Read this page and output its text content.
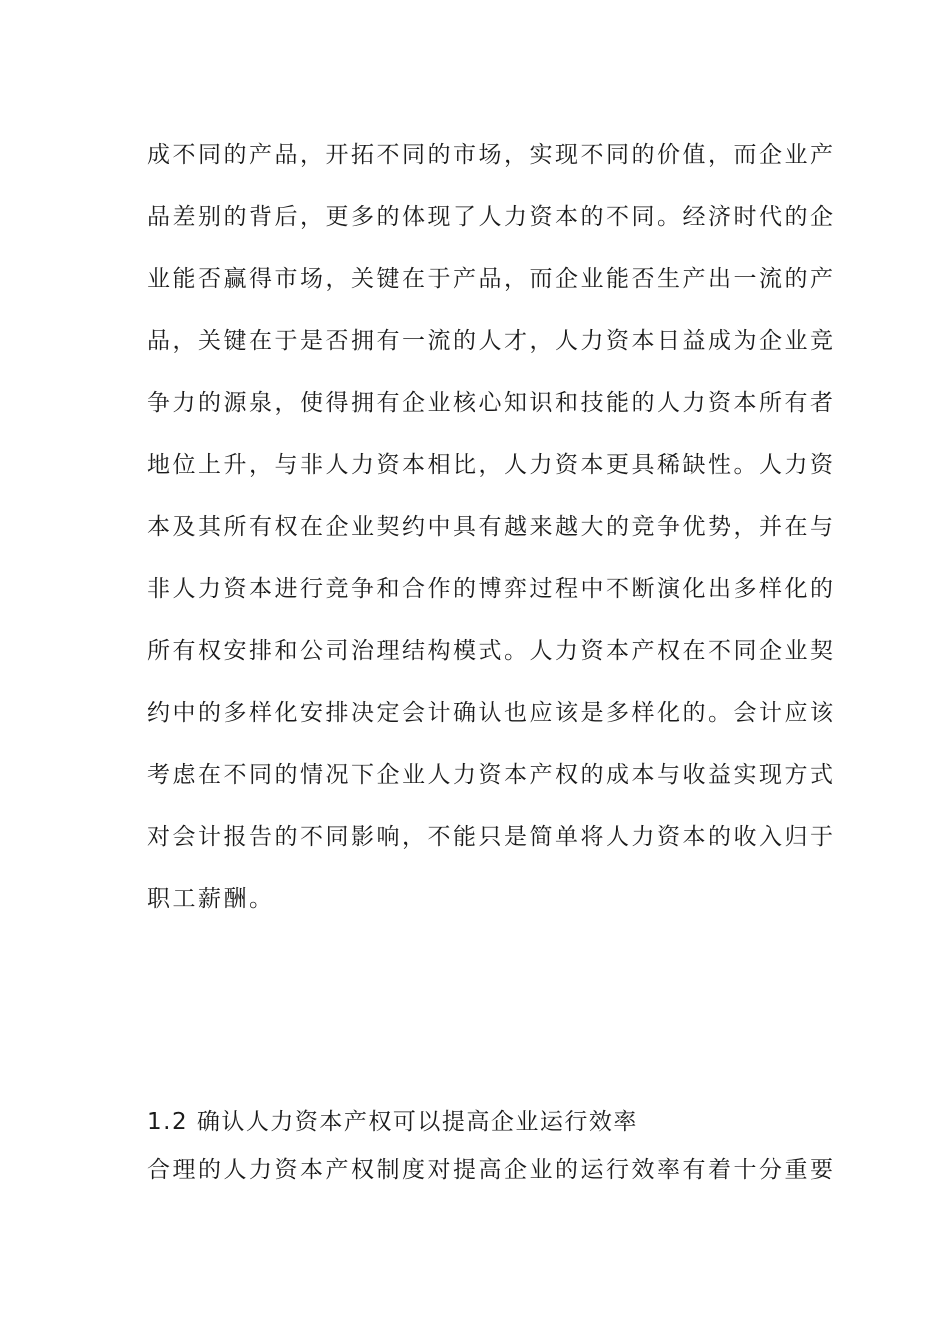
成不同的产品，开拓不同的市场，实现不同的价值，而企业产
品差别的背后，更多的体现了人力资本的不同。经济时代的企
业能否赢得市场，关键在于产品，而企业能否生产出一流的产
品，关键在于是否拥有一流的人才，人力资本日益成为企业竞
争力的源泉，使得拥有企业核心知识和技能的人力资本所有者
地位上升，与非人力资本相比，人力资本更具稀缺性。人力资
本及其所有权在企业契约中具有越来越大的竞争优势，并在与
非人力资本进行竞争和合作的博弈过程中不断演化出多样化的
所有权安排和公司治理结构模式。人力资本产权在不同企业契
约中的多样化安排决定会计确认也应该是多样化的。会计应该
考虑在不同的情况下企业人力资本产权的成本与收益实现方式
对会计报告的不同影响，不能只是简单将人力资本的收入归于
职工薪酬。
1.2 确认人力资本产权可以提高企业运行效率
合理的人力资本产权制度对提高企业的运行效率有着十分重要
